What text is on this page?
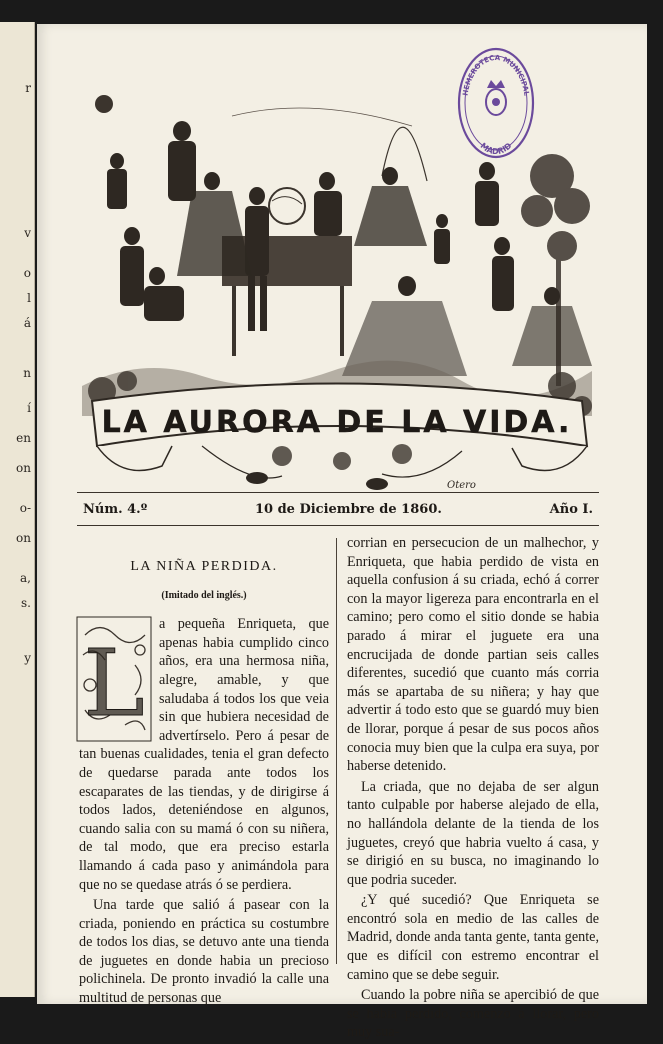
r
v
o
l
á
n
í
en
on
o-
on
a,
s.
y
LA AURORA DE LA VIDA.
Otero
HEMEROTECA MUNICIPAL
MADRID
Núm. 4.º	10 de Diciembre de 1860.	Año I.
LA NIÑA PERDIDA.
(Imitado del inglés.)
L

a pequeña Enriqueta, que apenas habia cumplido cinco años, era una hermosa niña, alegre, amable, y que saludaba á todos los que veia sin que hubiera necesidad de advertírselo. Pero á pesar de tan buenas cualidades, tenia el gran defecto de quedarse parada ante todos los escaparates de las tiendas, y de dirigirse á todos lados, deteniéndose en algunos, cuando salia con su mamá ó con su niñera, de tal modo, que era preciso estarla llamando á cada paso y animándola para que no se quedase atrás ó se perdiera.

Una tarde que salió á pasear con la criada, poniendo en práctica su costumbre de todos los dias, se detuvo ante una tienda de juguetes en donde habia un precioso polichinela. De pronto invadió la calle una multitud de personas que

corrian en persecucion de un malhechor, y Enriqueta, que habia perdido de vista en aquella confusion á su criada, echó á correr con la mayor ligereza para encontrarla en el camino; pero como el sitio donde se habia parado á mirar el juguete era una encrucijada de donde partian seis calles diferentes, sucedió que cuanto más corria más se apartaba de su niñera; y hay que advertir á todo esto que se guardó muy bien de llorar, porque á pesar de sus pocos años conocia muy bien que la culpa era suya, por haberse detenido.

La criada, que no dejaba de ser algun tanto culpable por haberse alejado de ella, no hallándola delante de la tienda de los juguetes, creyó que habria vuelto á casa, y se dirigió en su busca, no imaginando lo que podria suceder.

¿Y qué sucedió? Que Enriqueta se encontró sola en medio de las calles de Madrid, donde anda tanta gente, tanta gente, que es difícil con estremo encontrar el camino que se debe seguir.

Cuando la pobre niña se apercibió de que se habia perdido, comenzó á llorar, pero muy sua-
